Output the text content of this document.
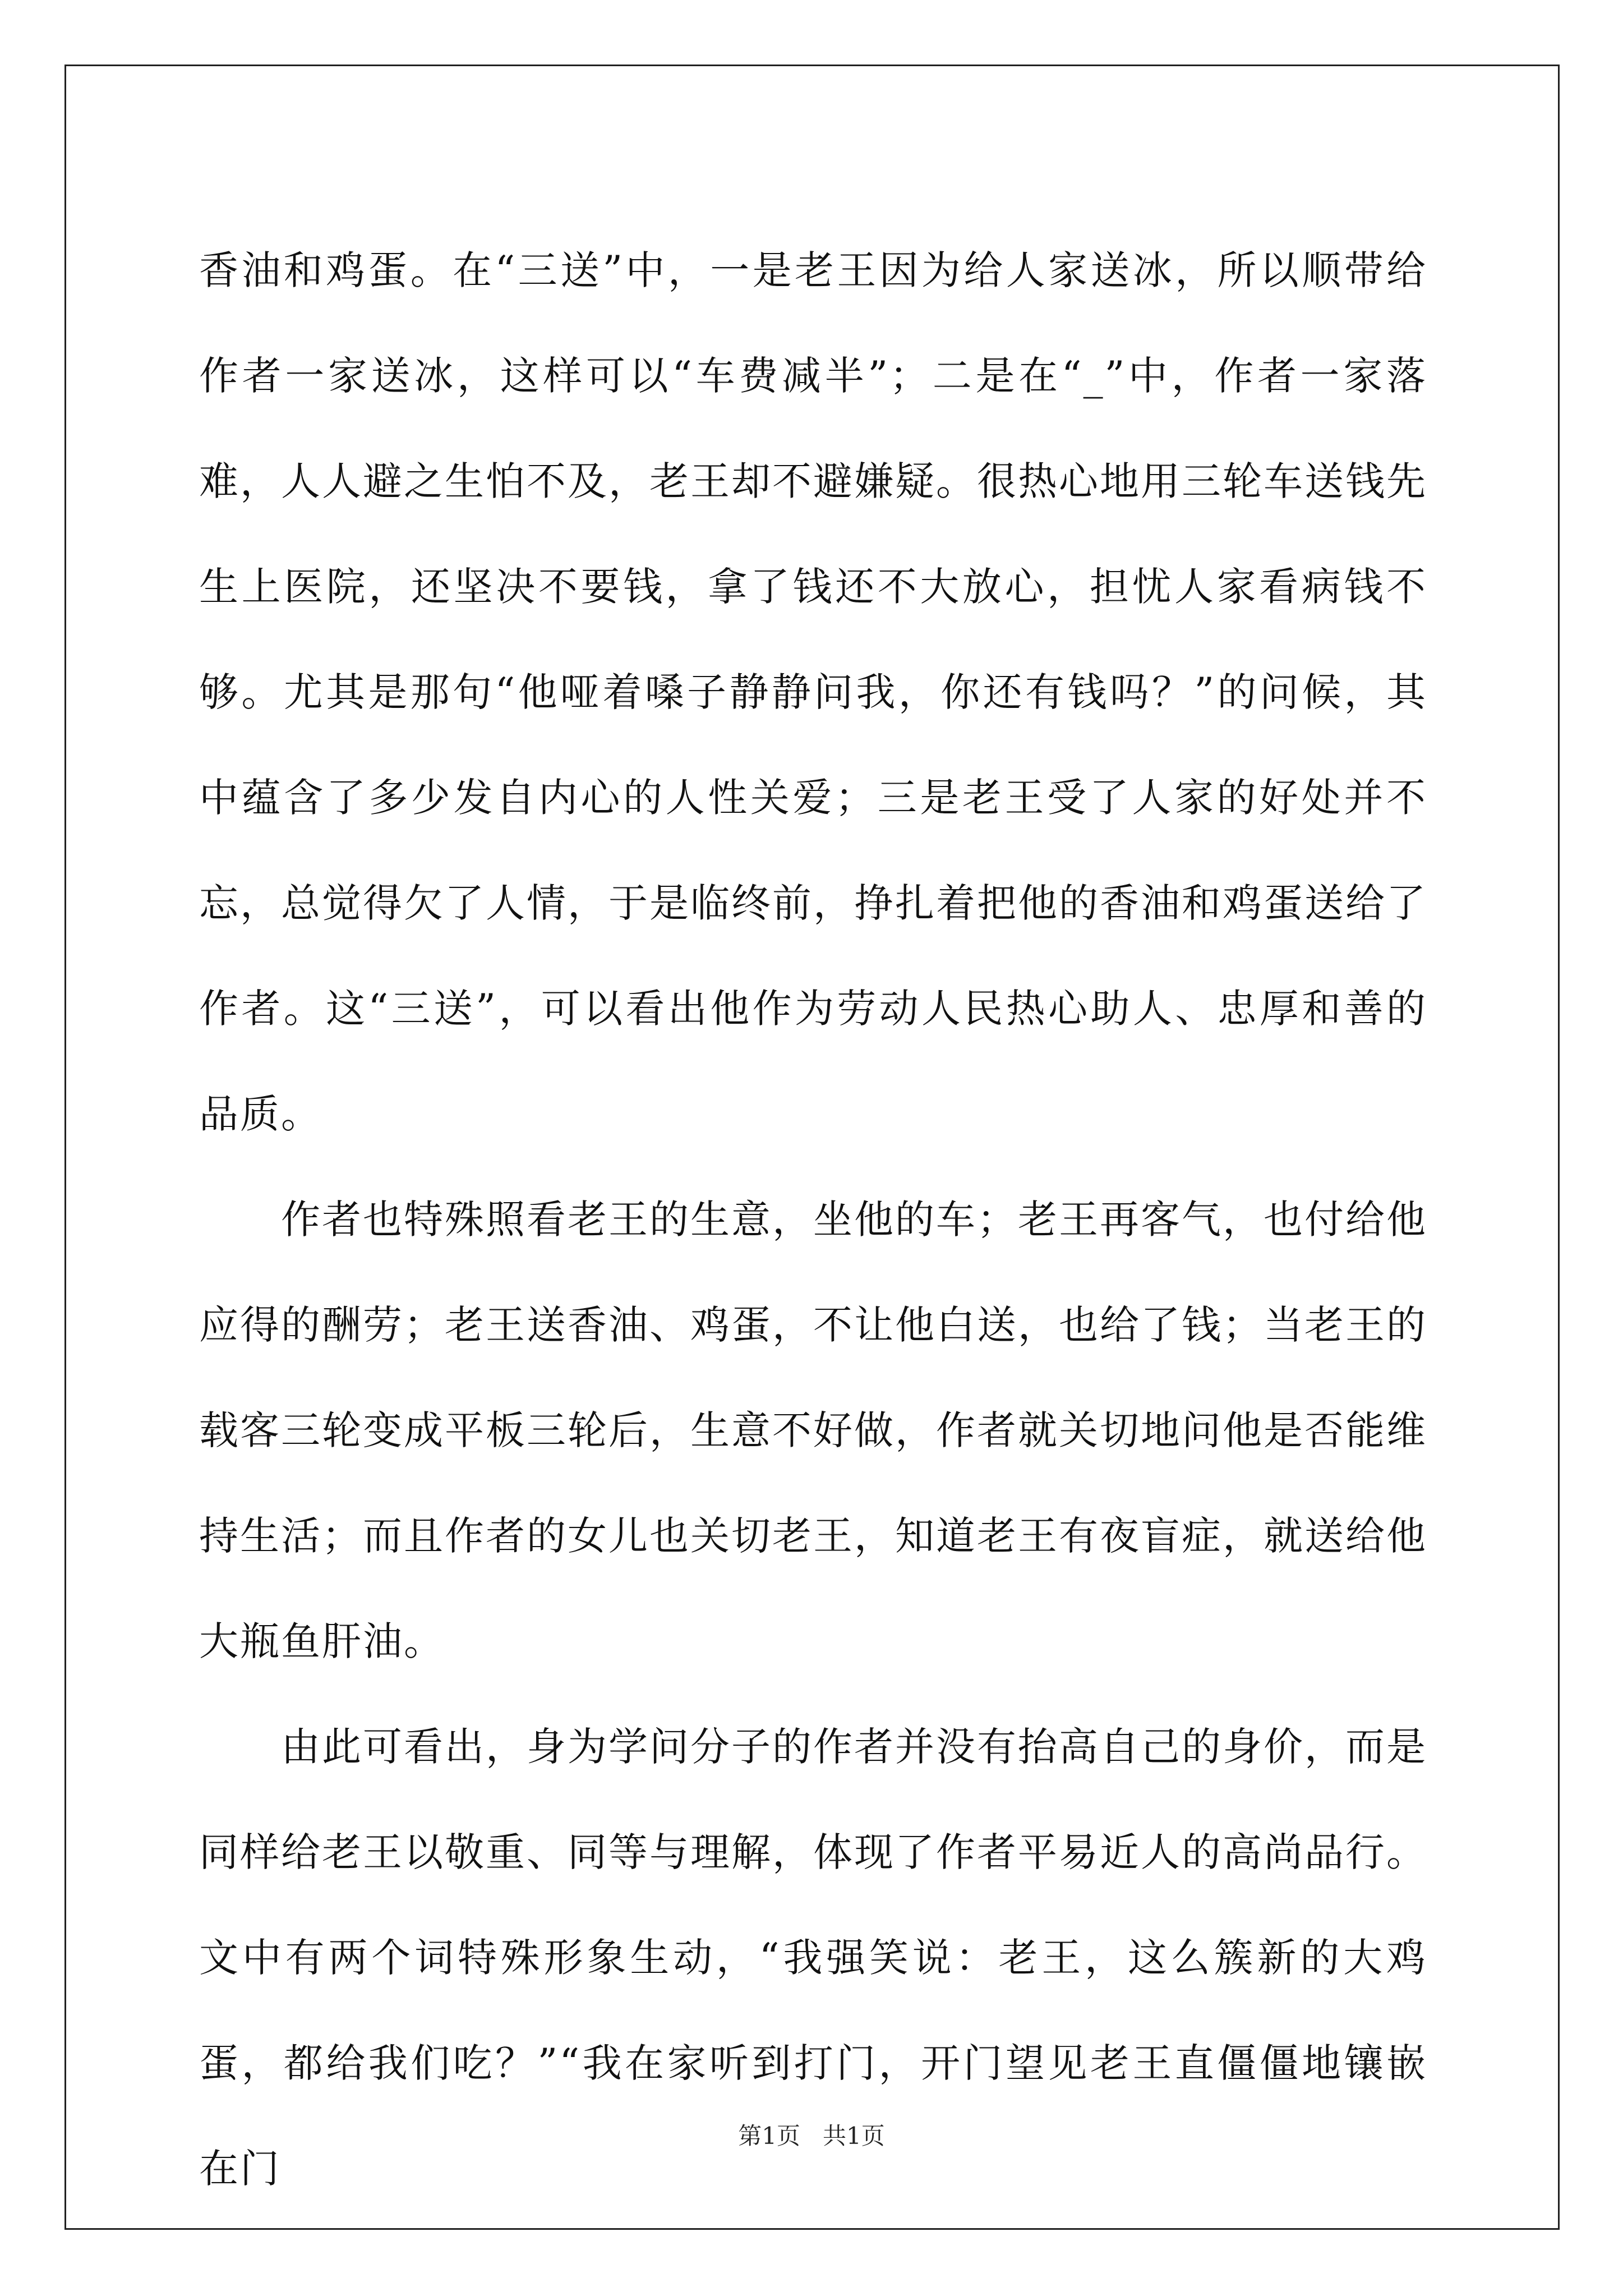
香油和鸡蛋。在“三送”中，一是老王因为给人家送冰，所以顺带给作者一家送冰，这样可以“车费减半”；二是在“_”中，作者一家落难，人人避之生怕不及，老王却不避嫌疑。很热心地用三轮车送钱先生上医院，还坚决不要钱，拿了钱还不大放心，担忧人家看病钱不够。尤其是那句“他哑着嗓子静静问我，你还有钱吗？”的问候，其中蕴含了多少发自内心的人性关爱；三是老王受了人家的好处并不忘，总觉得欠了人情，于是临终前，挣扎着把他的香油和鸡蛋送给了作者。这“三送”，可以看出他作为劳动人民热心助人、忠厚和善的品质。

作者也特殊照看老王的生意，坐他的车；老王再客气，也付给他应得的酬劳；老王送香油、鸡蛋，不让他白送，也给了钱；当老王的载客三轮变成平板三轮后，生意不好做，作者就关切地问他是否能维持生活；而且作者的女儿也关切老王，知道老王有夜盲症，就送给他大瓶鱼肝油。

由此可看出，身为学问分子的作者并没有抬高自己的身价，而是同样给老王以敬重、同等与理解，体现了作者平易近人的高尚品行。文中有两个词特殊形象生动，“我强笑说：老王，这么簇新的大鸡蛋，都给我们吃？”“我在家听到打门，开门望见老王直僵僵地镶嵌在门

第1页 共1页
